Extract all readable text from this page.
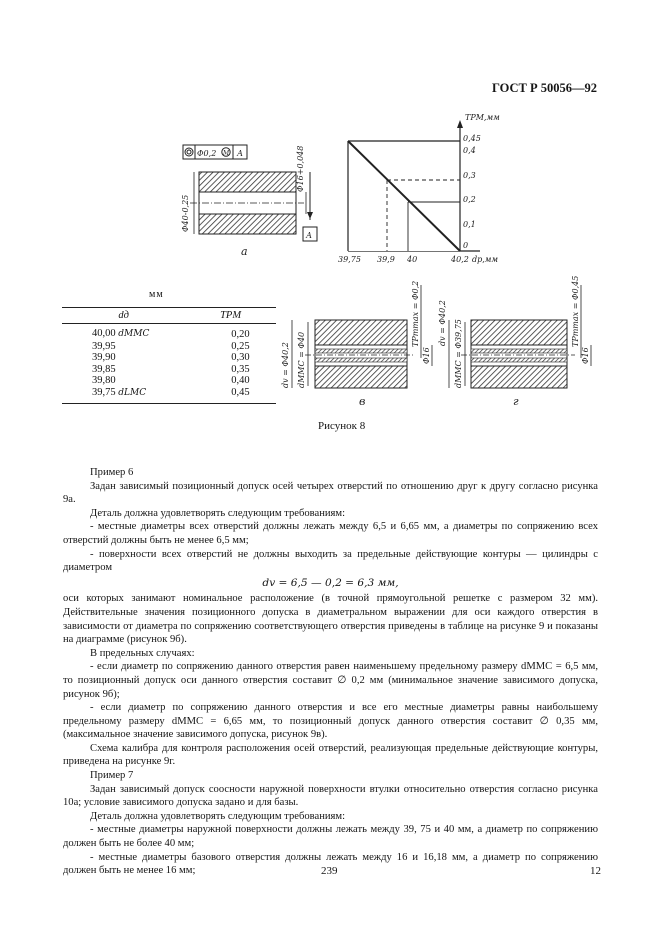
ГОСТ Р 50056—92
Φ0,2 М А
Φ40-0,25
А
Φ16+0,048
а
0,45
0,4
0,3
0,2
0,1
0
TPM,мм
39,75 39,9 40	40,2 dp,мм
dv = Φ40,2 dMMC = Φ40
TPmmax = Φ0,2
Φ16
в
dv = Φ40,2 dMMC = Φ39,75
TPmmax = Φ0,45
Φ16
г
мм
dд	TPМ
40,00 dMMC	0,20
39,95	0,25
39,90	0,30
39,85	0,35
39,80	0,40
39,75 dLMC	0,45
Рисунок 8

Пример 6

Задан зависимый позиционный допуск осей четырех отверстий по отношению друг к другу согласно рисунка 9а.

Деталь должна удовлетворять следующим требованиям:

- местные диаметры всех отверстий должны лежать между 6,5 и 6,65 мм, а диаметры по сопряжению всех отверстий должны быть не менее 6,5 мм;

- поверхности всех отверстий не должны выходить за предельные действующие контуры — цилиндры с диаметром

dv = 6,5 — 0,2 = 6,3 мм,

оси которых занимают номинальное расположение (в точной прямоугольной решетке с размером 32 мм). Действительные значения позиционного допуска в диаметральном выражении для оси каждого отверстия в зависимости от диаметра по сопряжению соответствующего отверстия приведены в таблице на рисунке 9 и показаны на диаграмме (рисунок 9б).

В предельных случаях:

- если диаметр по сопряжению данного отверстия равен наименьшему предельному размеру dMMC = 6,5 мм, то позиционный допуск оси данного отверстия составит ∅ 0,2 мм (минимальное значение зависимого допуска, рисунок 9б);

- если диаметр по сопряжению данного отверстия и все его местные диаметры равны наибольшему предельному размеру dMMC = 6,65 мм, то позиционный допуск данного отверстия составит ∅ 0,35 мм, (максимальное значение зависимого допуска, рисунок 9в).

Схема калибра для контроля расположения осей отверстий, реализующая предельные действующие контуры, приведена на рисунке 9г.

Пример 7

Задан зависимый допуск соосности наружной поверхности втулки относительно отверстия согласно рисунка 10а; условие зависимого допуска задано и для базы.

Деталь должна удовлетворять следующим требованиям:

- местные диаметры наружной поверхности должны лежать между 39, 75 и 40 мм, а диаметр по сопряжению должен быть не более 40 мм;

- местные диаметры базового отверстия должны лежать между 16 и 16,18 мм, а диаметр по сопряжению должен быть не менее 16 мм;	239	12
